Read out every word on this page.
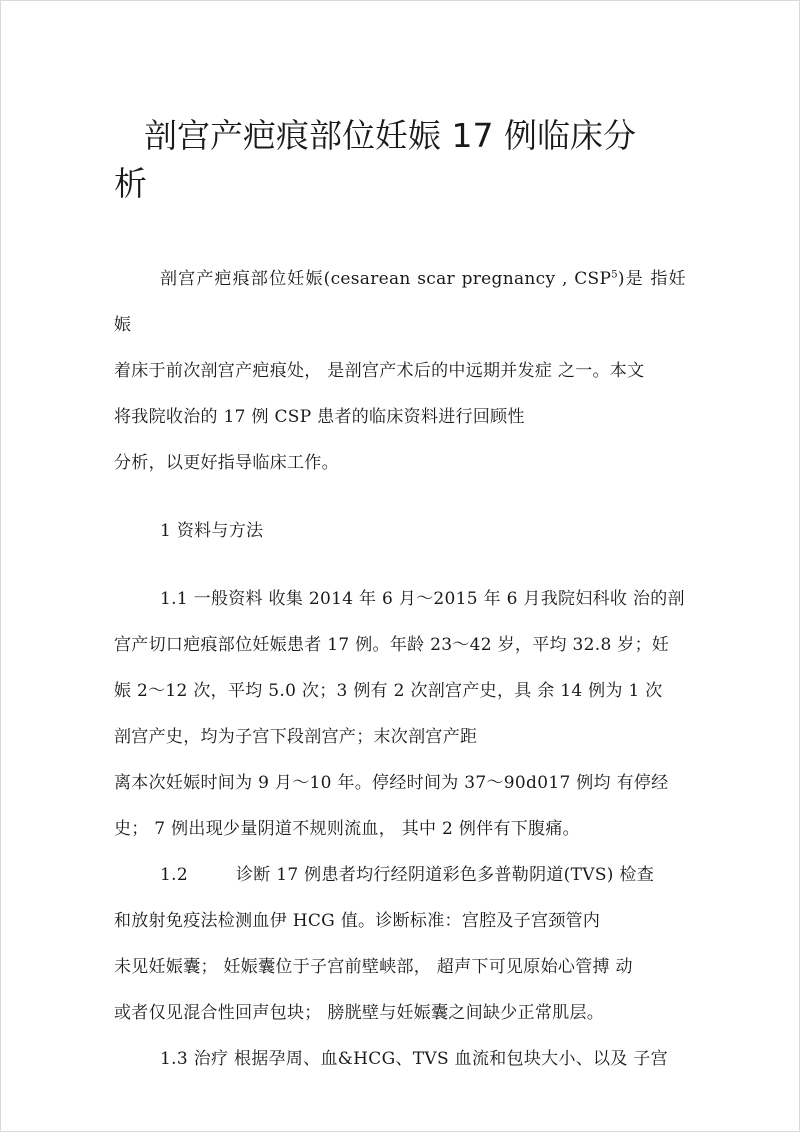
剖宫产疤痕部位妊娠 17 例临床分
析

剖宫产疤痕部位妊娠(cesarean scar pregnancy , CSP$^5$)是 指妊娠
着床于前次剖宫产疤痕处， 是剖宫产术后的中远期并发症 之一。本文
将我院收治的 17 例 CSP 患者的临床资料进行回顾性
分析，以更好指导临床工作。

1 资料与方法

1.1 一般资料 收集 2014 年 6 月～2015 年 6 月我院妇科收 治的剖
宫产切口疤痕部位妊娠患者 17 例。年龄 23～42 岁，平均 32.8 岁；妊
娠 2～12 次，平均 5.0 次；3 例有 2 次剖宫产史，具 余 14 例为 1 次
剖宫产史，均为子宫下段剖宫产；末次剖宫产距
离本次妊娠时间为 9 月～10 年。停经时间为 37～90d017 例均 有停经
史； 7 例出现少量阴道不规则流血， 其中 2 例伴有下腹痛。

1.2	诊断 17 例患者均行经阴道彩色多普勒阴道(TVS) 检查
和放射免疫法检测血伊 HCG 值。诊断标准：宫腔及子宫颈管内
未见妊娠囊； 妊娠囊位于子宫前壁峡部， 超声下可见原始心管搏 动
或者仅见混合性回声包块； 膀胱壁与妊娠囊之间缺少正常肌层。

1.3 治疗 根据孕周、血&HCG、TVS 血流和包块大小、以及 子宫
